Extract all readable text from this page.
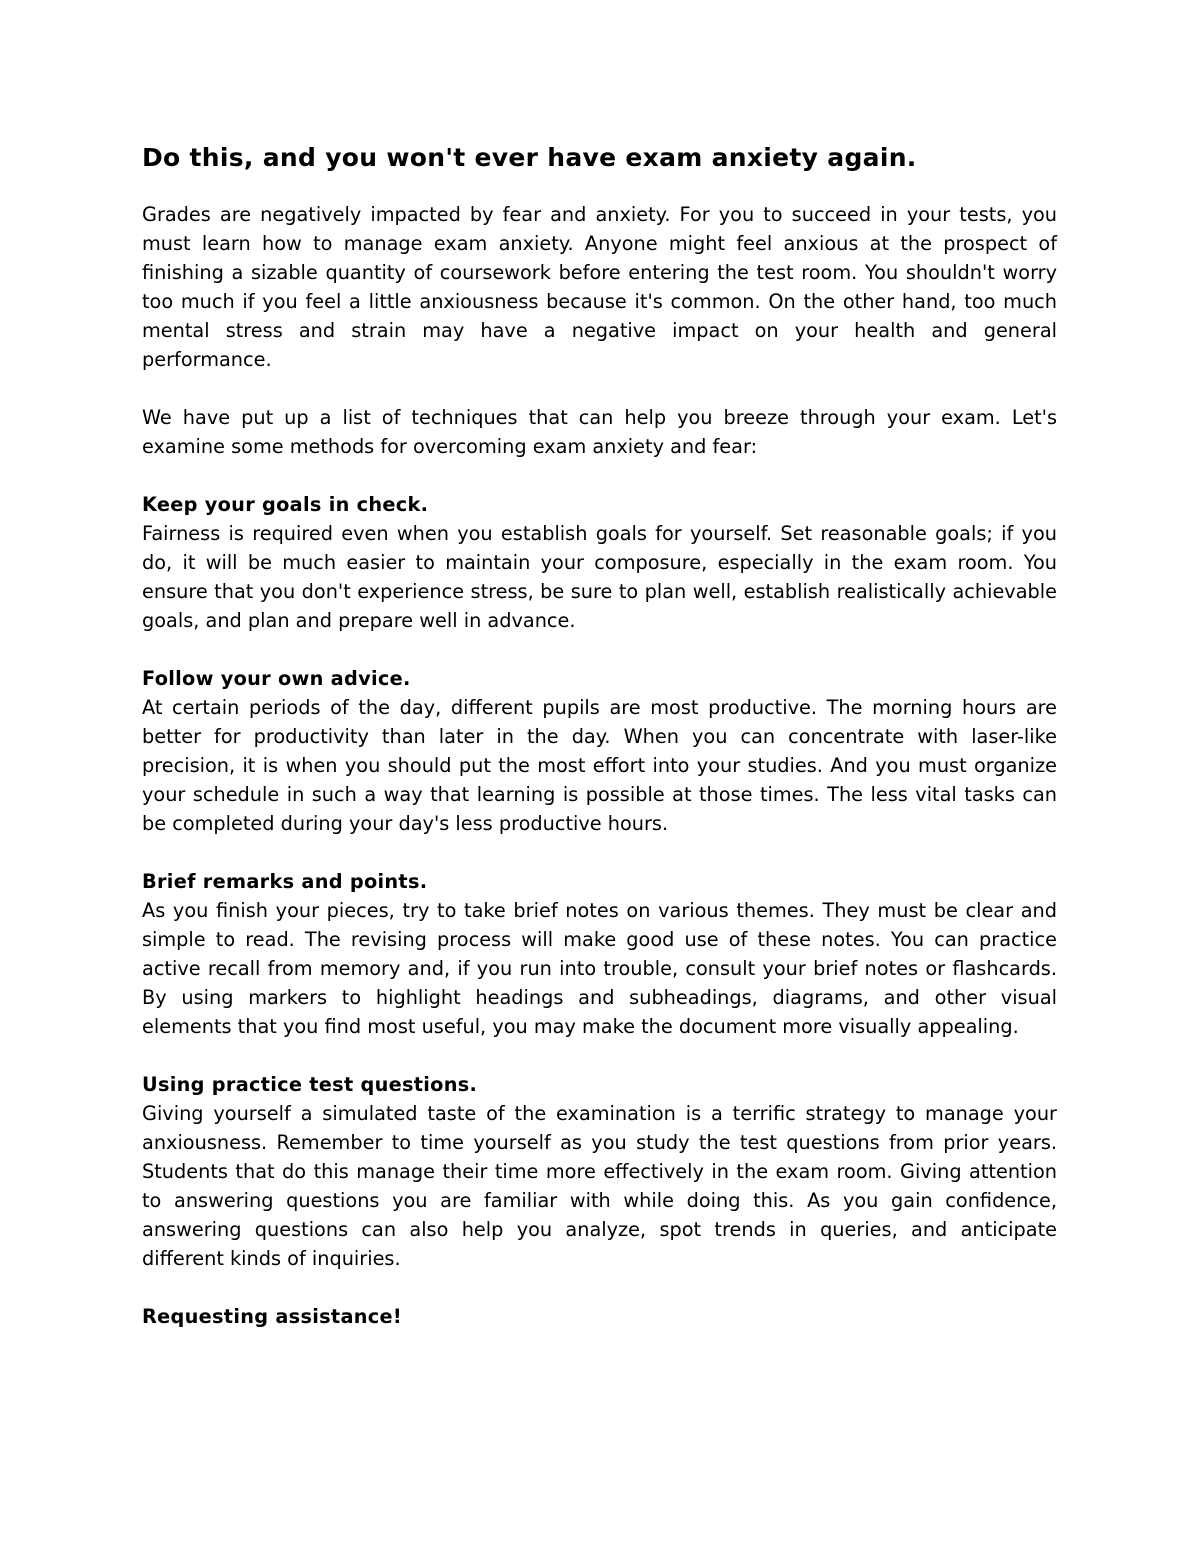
Do this, and you won't ever have exam anxiety again.

Grades are negatively impacted by fear and anxiety. For you to succeed in your tests, you must learn how to manage exam anxiety. Anyone might feel anxious at the prospect of finishing a sizable quantity of coursework before entering the test room. You shouldn't worry too much if you feel a little anxiousness because it's common. On the other hand, too much mental stress and strain may have a negative impact on your health and general performance.

We have put up a list of techniques that can help you breeze through your exam. Let's examine some methods for overcoming exam anxiety and fear:

Keep your goals in check.

Fairness is required even when you establish goals for yourself. Set reasonable goals; if you do, it will be much easier to maintain your composure, especially in the exam room. You ensure that you don't experience stress, be sure to plan well, establish realistically achievable goals, and plan and prepare well in advance.

Follow your own advice.

At certain periods of the day, different pupils are most productive. The morning hours are better for productivity than later in the day. When you can concentrate with laser-like precision, it is when you should put the most effort into your studies. And you must organize your schedule in such a way that learning is possible at those times. The less vital tasks can be completed during your day's less productive hours.

Brief remarks and points.

As you finish your pieces, try to take brief notes on various themes. They must be clear and simple to read. The revising process will make good use of these notes. You can practice active recall from memory and, if you run into trouble, consult your brief notes or flashcards. By using markers to highlight headings and subheadings, diagrams, and other visual elements that you find most useful, you may make the document more visually appealing.

Using practice test questions.

Giving yourself a simulated taste of the examination is a terrific strategy to manage your anxiousness. Remember to time yourself as you study the test questions from prior years. Students that do this manage their time more effectively in the exam room. Giving attention to answering questions you are familiar with while doing this. As you gain confidence, answering questions can also help you analyze, spot trends in queries, and anticipate different kinds of inquiries.

Requesting assistance!
